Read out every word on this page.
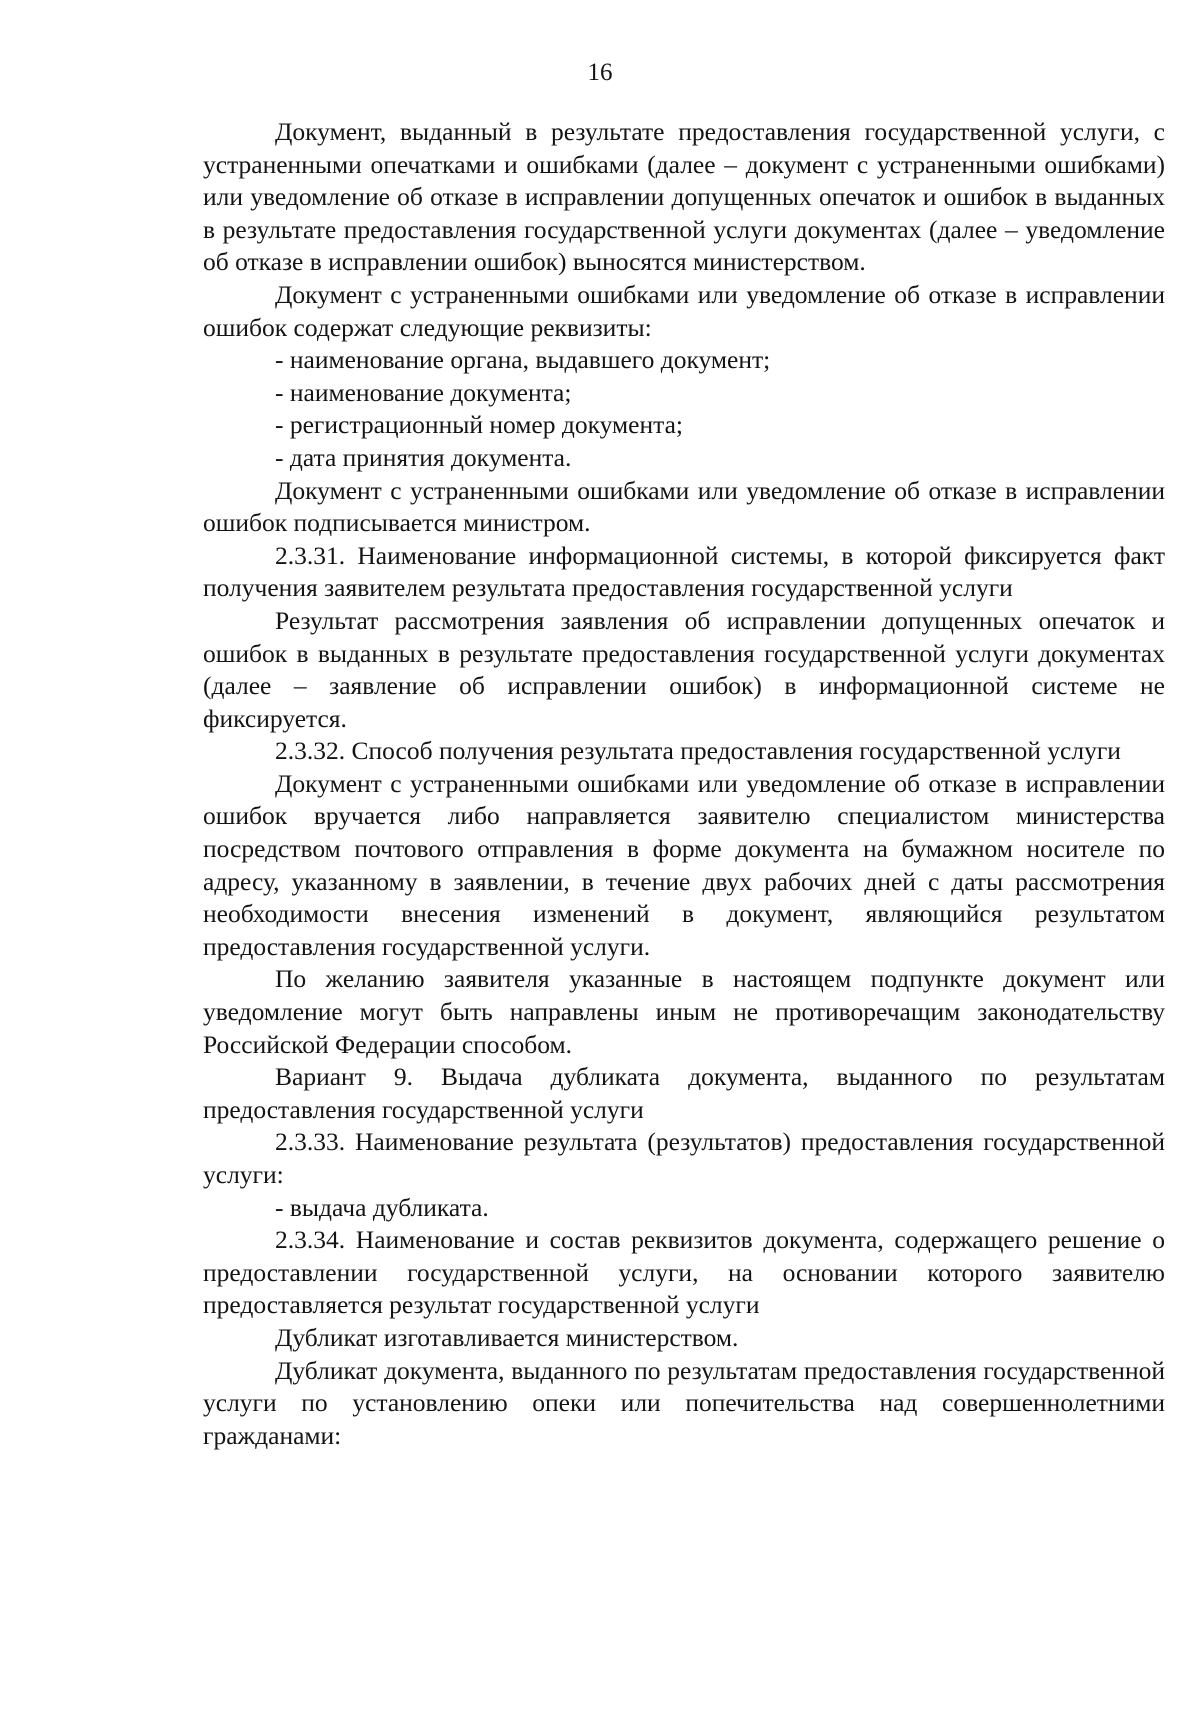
16

Документ, выданный в результате предоставления государственной услуги, с устраненными опечатками и ошибками (далее – документ с устраненными ошибками) или уведомление об отказе в исправлении допущенных опечаток и ошибок в выданных в результате предоставления государственной услуги документах (далее – уведомление об отказе в исправлении ошибок) выносятся министерством.

Документ с устраненными ошибками или уведомление об отказе в исправлении ошибок содержат следующие реквизиты:

- наименование органа, выдавшего документ;

- наименование документа;

- регистрационный номер документа;

- дата принятия документа.

Документ с устраненными ошибками или уведомление об отказе в исправлении ошибок подписывается министром.

2.3.31. Наименование информационной системы, в которой фиксируется факт получения заявителем результата предоставления государственной услуги

Результат рассмотрения заявления об исправлении допущенных опечаток и ошибок в выданных в результате предоставления государственной услуги документах (далее – заявление об исправлении ошибок) в информационной системе не фиксируется.

2.3.32. Способ получения результата предоставления государственной услуги

Документ с устраненными ошибками или уведомление об отказе в исправлении ошибок вручается либо направляется заявителю специалистом министерства посредством почтового отправления в форме документа на бумажном носителе по адресу, указанному в заявлении, в течение двух рабочих дней с даты рассмотрения необходимости внесения изменений в документ, являющийся результатом предоставления государственной услуги.

По желанию заявителя указанные в настоящем подпункте документ или уведомление могут быть направлены иным не противоречащим законодательству Российской Федерации способом.

Вариант 9. Выдача дубликата документа, выданного по результатам предоставления государственной услуги

2.3.33. Наименование результата (результатов) предоставления государственной услуги:

- выдача дубликата.

2.3.34. Наименование и состав реквизитов документа, содержащего решение о предоставлении государственной услуги, на основании которого заявителю предоставляется результат государственной услуги

Дубликат изготавливается министерством.

Дубликат документа, выданного по результатам предоставления государственной услуги по установлению опеки или попечительства над совершеннолетними гражданами:
